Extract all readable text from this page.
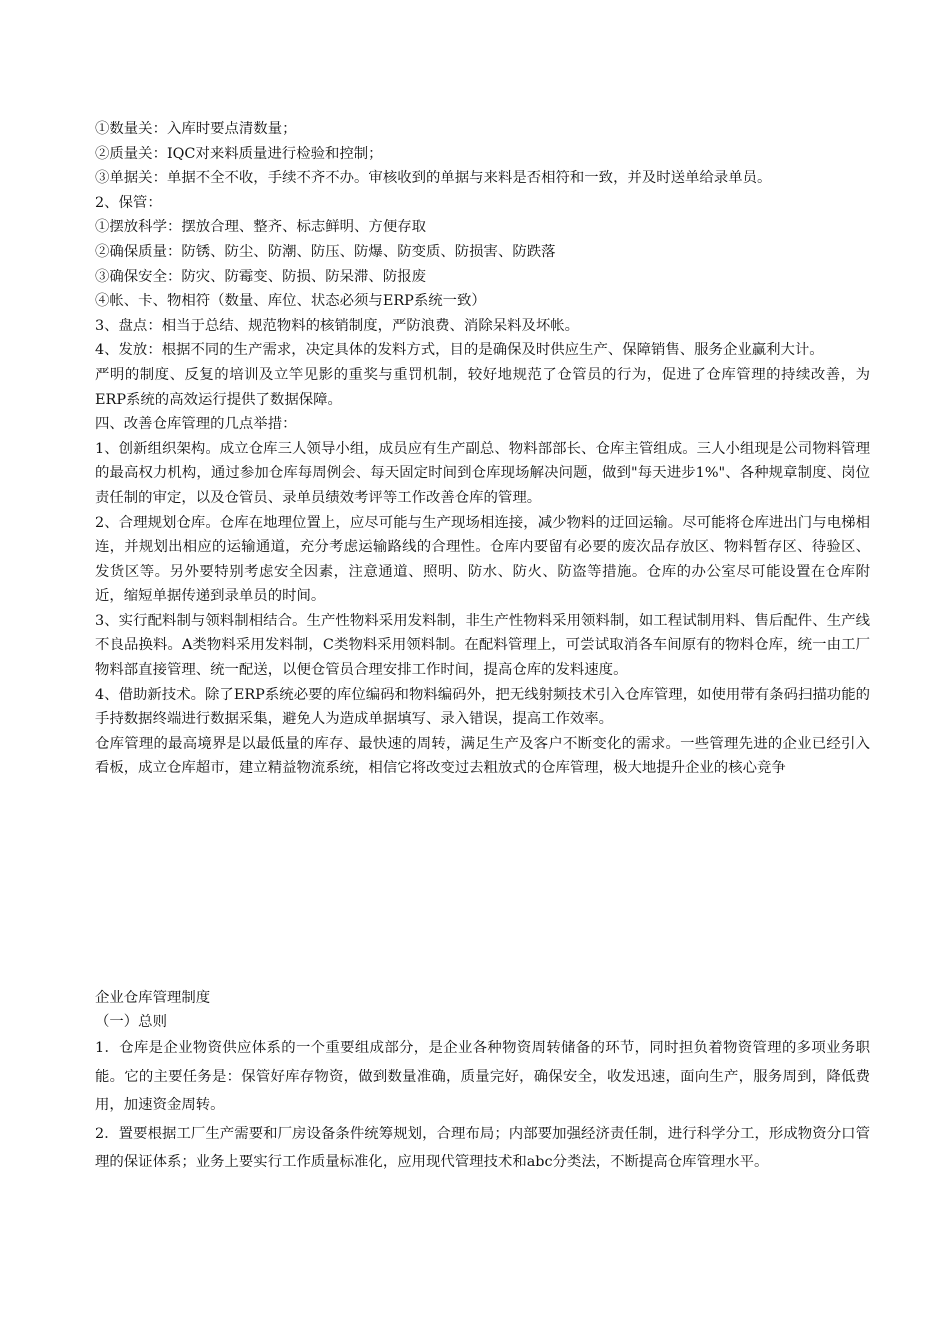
①数量关：入库时要点清数量；

②质量关：IQC对来料质量进行检验和控制；

③单据关：单据不全不收，手续不齐不办。审核收到的单据与来料是否相符和一致，并及时送单给录单员。

2、保管：

①摆放科学：摆放合理、整齐、标志鲜明、方便存取

②确保质量：防锈、防尘、防潮、防压、防爆、防变质、防损害、防跌落

③确保安全：防灾、防霉变、防损、防呆滞、防报废

④帐、卡、物相符（数量、库位、状态必须与ERP系统一致）

3、盘点：相当于总结、规范物料的核销制度，严防浪费、消除呆料及坏帐。

4、发放：根据不同的生产需求，决定具体的发料方式，目的是确保及时供应生产、保障销售、服务企业赢利大计。

严明的制度、反复的培训及立竿见影的重奖与重罚机制，较好地规范了仓管员的行为，促进了仓库管理的持续改善，为ERP系统的高效运行提供了数据保障。

四、改善仓库管理的几点举措：

1、创新组织架构。成立仓库三人领导小组，成员应有生产副总、物料部部长、仓库主管组成。三人小组现是公司物料管理的最高权力机构，通过参加仓库每周例会、每天固定时间到仓库现场解决问题，做到"每天进步1%"、各种规章制度、岗位责任制的审定，以及仓管员、录单员绩效考评等工作改善仓库的管理。

2、合理规划仓库。仓库在地理位置上，应尽可能与生产现场相连接，减少物料的迂回运输。尽可能将仓库进出门与电梯相连，并规划出相应的运输通道，充分考虑运输路线的合理性。仓库内要留有必要的废次品存放区、物料暂存区、待验区、发货区等。另外要特别考虑安全因素，注意通道、照明、防水、防火、防盗等措施。仓库的办公室尽可能设置在仓库附近，缩短单据传递到录单员的时间。

3、实行配料制与领料制相结合。生产性物料采用发料制，非生产性物料采用领料制，如工程试制用料、售后配件、生产线不良品换料。A类物料采用发料制，C类物料采用领料制。在配料管理上，可尝试取消各车间原有的物料仓库，统一由工厂物料部直接管理、统一配送，以便仓管员合理安排工作时间，提高仓库的发料速度。

4、借助新技术。除了ERP系统必要的库位编码和物料编码外，把无线射频技术引入仓库管理，如使用带有条码扫描功能的手持数据终端进行数据采集，避免人为造成单据填写、录入错误，提高工作效率。

仓库管理的最高境界是以最低量的库存、最快速的周转，满足生产及客户不断变化的需求。一些管理先进的企业已经引入看板，成立仓库超市，建立精益物流系统，相信它将改变过去粗放式的仓库管理，极大地提升企业的核心竞争

企业仓库管理制度

（一）总则

1．仓库是企业物资供应体系的一个重要组成部分，是企业各种物资周转储备的环节，同时担负着物资管理的多项业务职能。它的主要任务是：保管好库存物资，做到数量准确，质量完好，确保安全，收发迅速，面向生产，服务周到，降低费用，加速资金周转。

2．置要根据工厂生产需要和厂房设备条件统筹规划，合理布局；内部要加强经济责任制，进行科学分工，形成物资分口管理的保证体系；业务上要实行工作质量标准化，应用现代管理技术和abc分类法，不断提高仓库管理水平。
